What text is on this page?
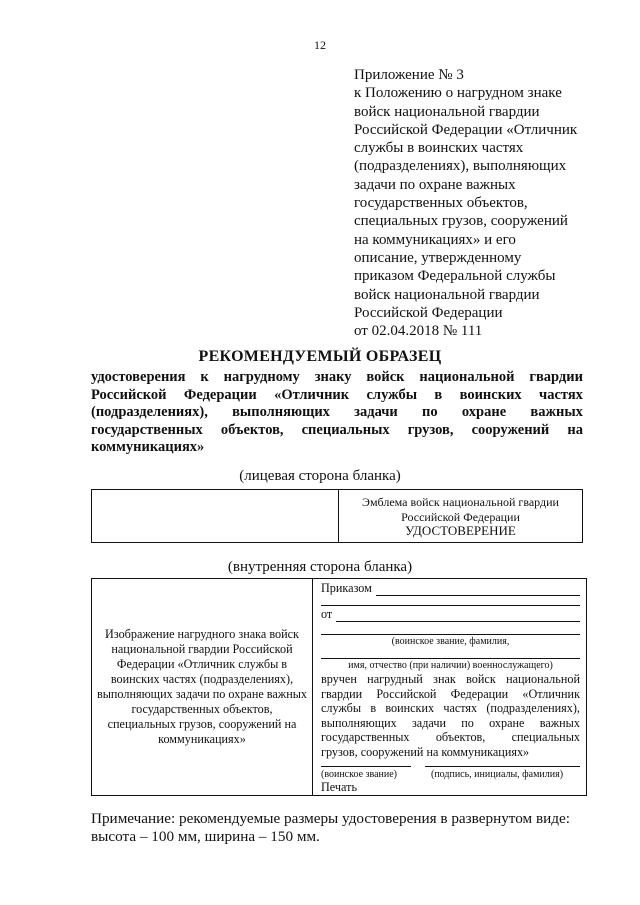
12
Приложение № 3
к Положению о нагрудном знаке
войск национальной гвардии
Российской Федерации «Отличник
службы в воинских частях
(подразделениях), выполняющих
задачи по охране важных
государственных объектов,
специальных грузов, сооружений
на коммуникациях» и его
описание, утвержденному
приказом Федеральной службы
войск национальной гвардии
Российской Федерации
от 02.04.2018 № 111
РЕКОМЕНДУЕМЫЙ ОБРАЗЕЦ
удостоверения к нагрудному знаку войск национальной гвардии
Российской Федерации «Отличник службы в воинских частях
(подразделениях), выполняющих задачи по охране важных
государственных объектов, специальных грузов, сооружений на
коммуникациях»
(лицевая сторона бланка)
Эмблема войск национальной гвардии
Российской Федерации
УДОСТОВЕРЕНИЕ
(внутренняя сторона бланка)
Изображение нагрудного знака войск национальной гвардии Российской Федерации «Отличник службы в воинских частях (подразделениях), выполняющих задачи по охране важных государственных объектов, специальных грузов, сооружений на коммуникациях»
Приказом
от
(воинское звание, фамилия,
имя, отчество (при наличии) военнослужащего)
вручен нагрудный знак войск национальной
гвардии Российской Федерации «Отличник
службы в воинских частях (подразделениях),
выполняющих задачи по охране важных
государственных объектов, специальных
грузов, сооружений на коммуникациях»
(воинское звание)	(подпись, инициалы, фамилия)
Печать
Примечание: рекомендуемые размеры удостоверения в развернутом виде:
высота – 100 мм, ширина – 150 мм.
